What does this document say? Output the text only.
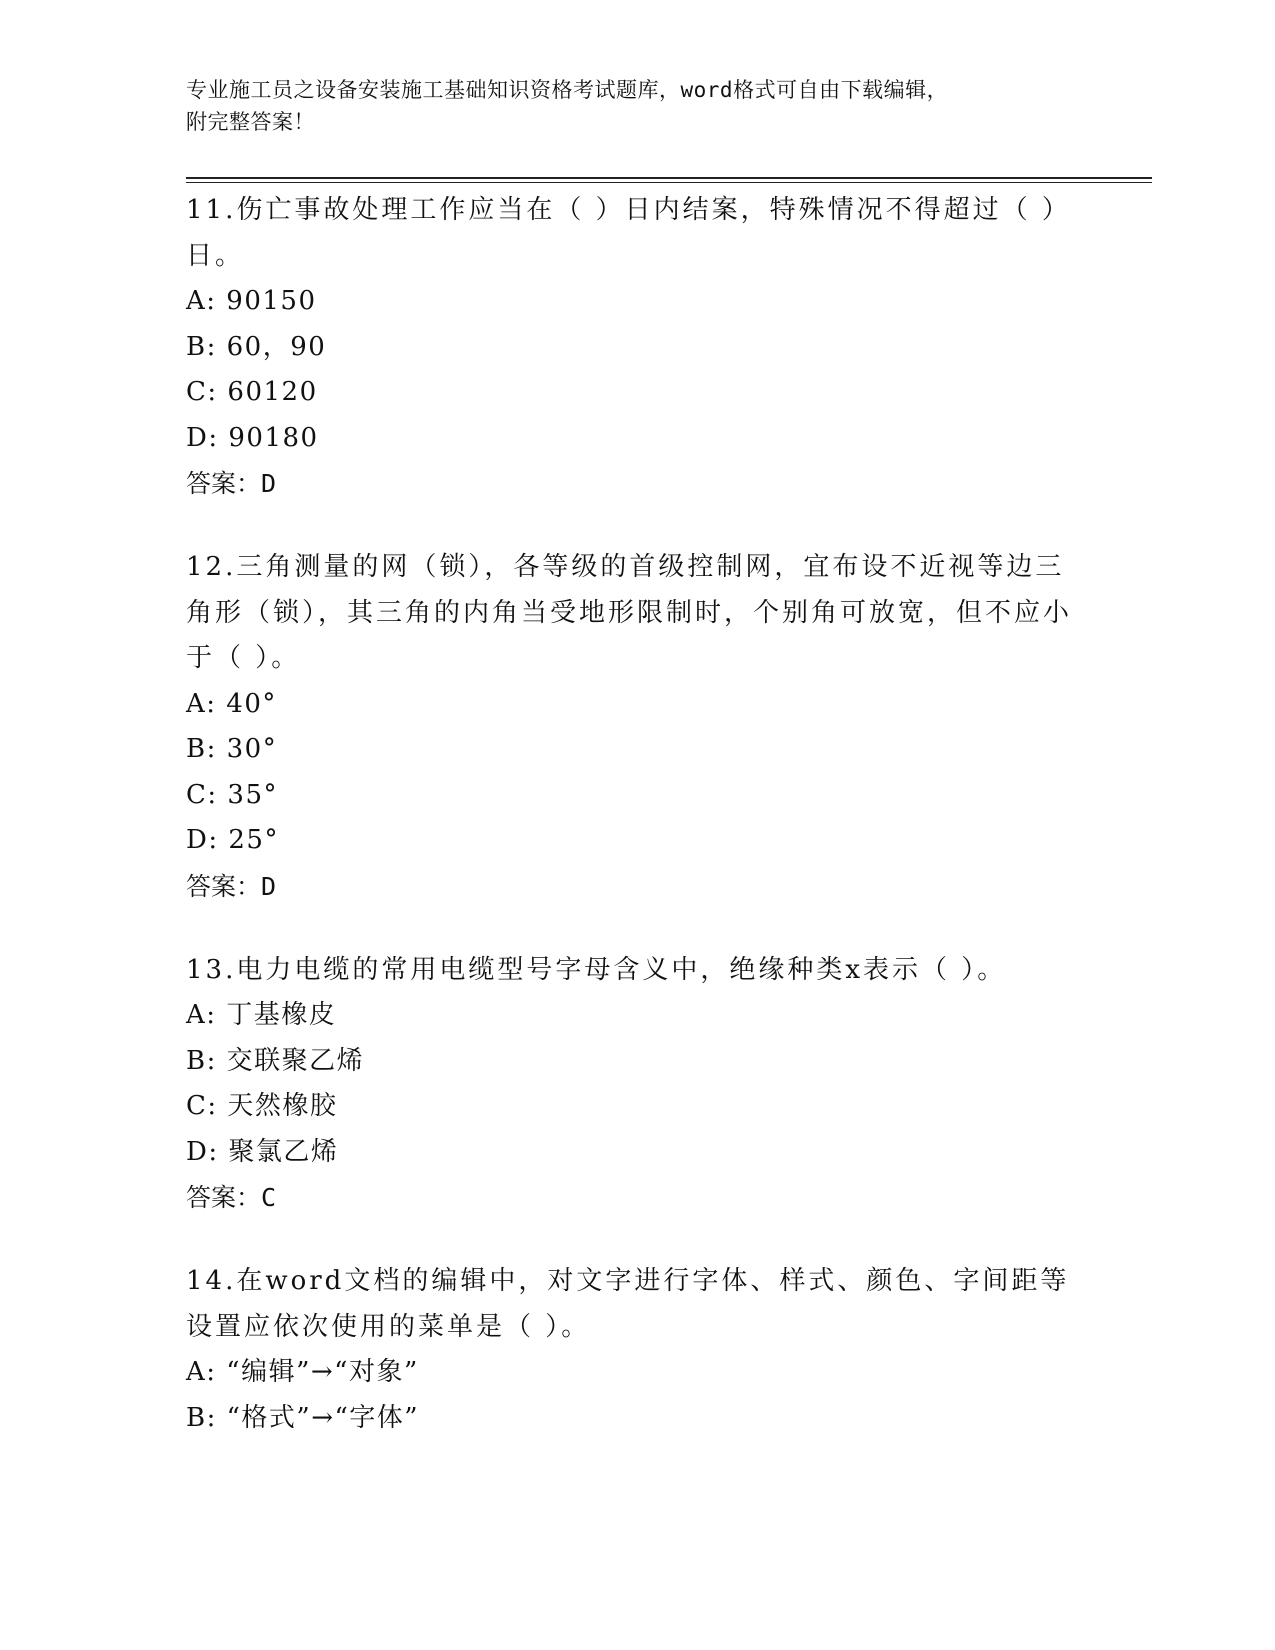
专业施工员之设备安装施工基础知识资格考试题库，word格式可自由下载编辑，
附完整答案！
11.伤亡事故处理工作应当在（ ）日内结案，特殊情况不得超过（ ）日。
A: 90150
B: 60，90
C: 60120
D: 90180
答案：D
12.三角测量的网（锁），各等级的首级控制网，宜布设不近视等边三角形（锁），其三角的内角当受地形限制时，个别角可放宽，但不应小于（ ）。
A: 40°
B: 30°
C: 35°
D: 25°
答案：D
13.电力电缆的常用电缆型号字母含义中，绝缘种类x表示（ ）。
A: 丁基橡皮
B: 交联聚乙烯
C: 天然橡胶
D: 聚氯乙烯
答案：C
14.在word文档的编辑中，对文字进行字体、样式、颜色、字间距等设置应依次使用的菜单是（ ）。
A: “编辑”→“对象”
B: “格式”→“字体”
